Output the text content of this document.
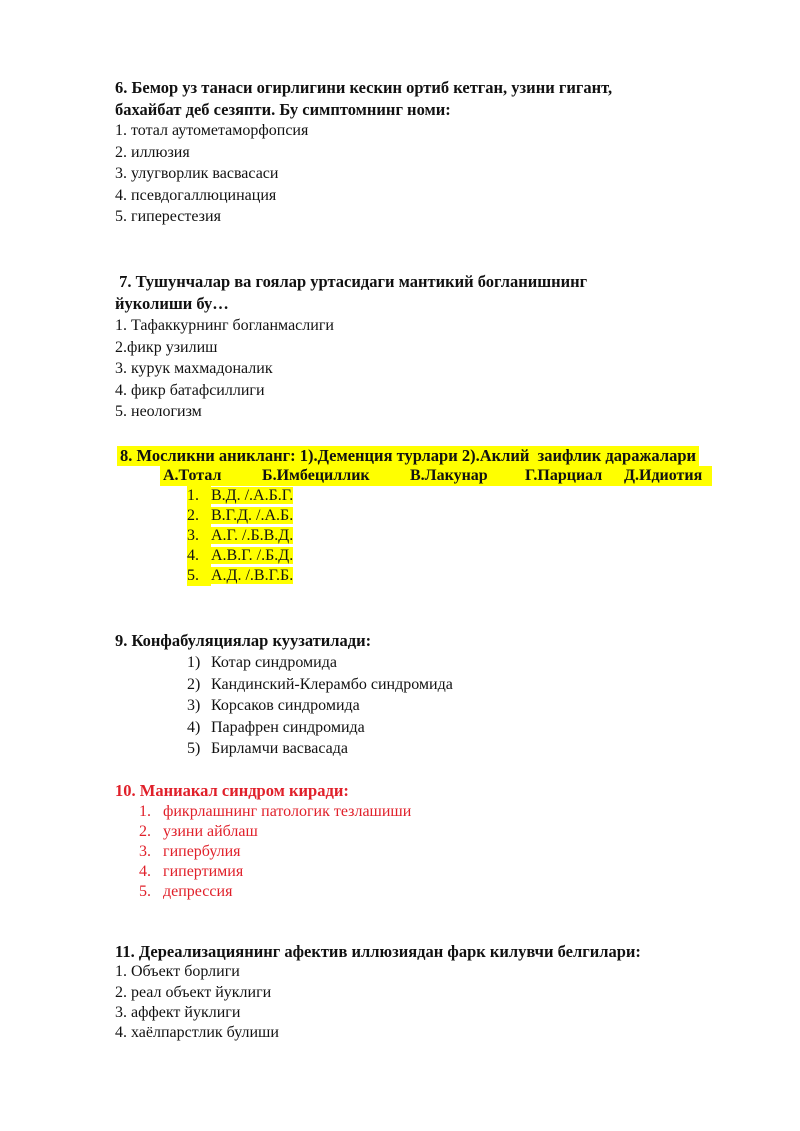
6. Бемор уз танаси огирлигини кескин ортиб кетган, узини гигант,
бахайбат деб сезяпти. Бу симптомнинг номи:
1. тотал аутометаморфопсия
2. иллюзия
3. улугворлик васвасаси
4. псевдогаллюцинация
5. гиперестезия
7. Тушунчалар ва гоялар уртасидаги мантикий богланишнинг
йуколиши бу…
1. Тафаккурнинг богланмаслиги
2.фикр узилиш
3. курук махмадоналик
4. фикр батафсиллиги
5. неологизм
8. Мосликни аникланг: 1).Деменция турлари 2).Аклий  заифлик даражалари
А.Тотал	Б.Имбециллик	В.Лакунар Г.Парциал Д.Идиотия
1. В.Д. /.А.Б.Г.
2. В.Г.Д. /.А.Б.
3. А.Г. /.Б.В.Д.
4. А.В.Г. /.Б.Д.
5. А.Д. /.В.Г.Б.
9. Конфабуляциялар куузатилади:
1) Котар синдромида
2) Кандинский-Клерамбо синдромида
3) Корсаков синдромида
4) Парафрен синдромида
5) Бирламчи васвасада
10. Маниакал синдром киради:
1. фикрлашнинг патологик тезлашиши
2. узини айблаш
3. гипербулия
4. гипертимия
5. депрессия
11. Дереализациянинг афектив иллюзиядан фарк килувчи белгилари:
1. Объект борлиги
2. реал объект йуклиги
3. аффект йуклиги
4. хаёлпарстлик булиши
